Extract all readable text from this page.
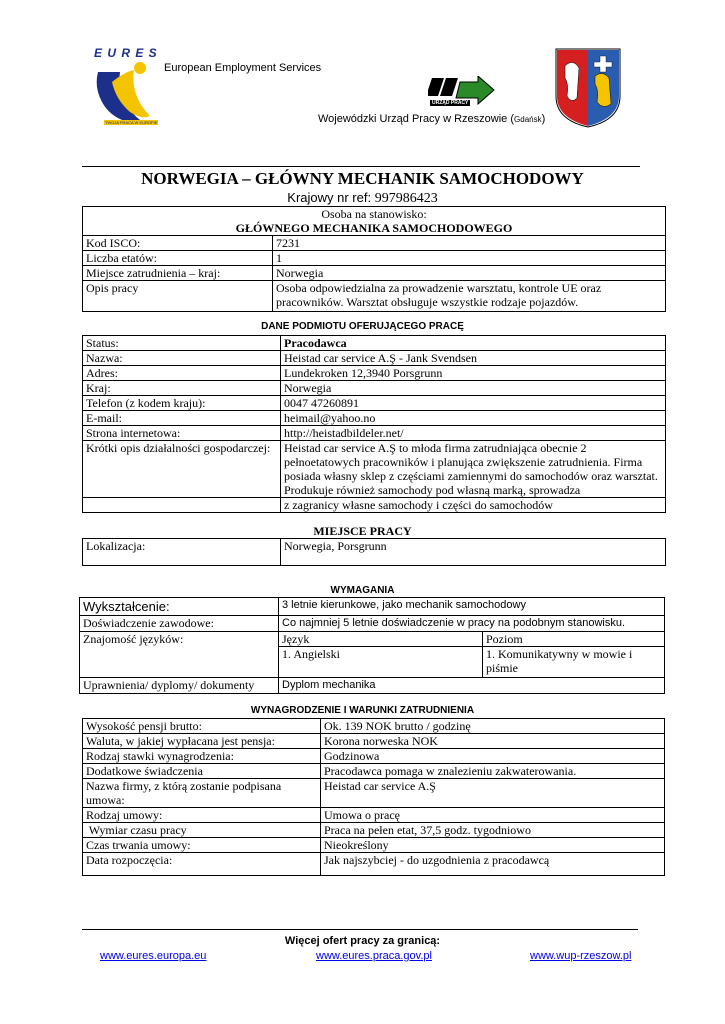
E U R E S
TWOJA PRACA W EUROPIE
European Employment Services
URZĄD PRACY
Wojewódzki Urząd Pracy w Rzeszowie (Gdańsk)
NORWEGIA – GŁÓWNY MECHANIK SAMOCHODOWY
Krajowy nr ref: 997986423
Osoba na stanowisko:
GŁÓWNEGO MECHANIKA SAMOCHODOWEGO	

Kod ISCO:	7231
Liczba etatów:	1
Miejsce zatrudnienia – kraj:	Norwegia
Opis pracy	Osoba odpowiedzialna za prowadzenie warsztatu, kontrole UE oraz pracowników. Warsztat obsługuje wszystkie rodzaje pojazdów.
DANE PODMIOTU OFERUJĄCEGO PRACĘ
Status:	Pracodawca
Nazwa:	Heistad car service A.Ş - Jank Svendsen
Adres:	Lundekroken 12,3940 Porsgrunn
Kraj:	Norwegia
Telefon (z kodem kraju):	0047 47260891
E-mail:	heimail@yahoo.no
Strona internetowa:	http://heistadbildeler.net/
Krótki opis działalności gospodarczej:	Heistad car service A.Ş to młoda firma zatrudniająca obecnie 2 pełnoetatowych pracowników i planująca zwiększenie zatrudnienia. Firma posiada własny sklep z częściami zamiennymi do samochodów oraz warsztat. Produkuje również samochody pod własną marką, sprowadza
	z zagranicy własne samochody i części do samochodów
MIEJSCE PRACY
Lokalizacja:	Norwegia, Porsgrunn
WYMAGANIA
Wykształcenie:	3 letnie kierunkowe, jako mechanik samochodowy	
Doświadczenie zawodowe:	Co najmniej 5 letnie doświadczenie w pracy na podobnym stanowisku.	
Znajomość języków:	Język	Poziom
	1. Angielski	1. Komunikatywny w mowie i piśmie
Uprawnienia/ dyplomy/ dokumenty	Dyplom mechanika	
WYNAGRODZENIE I WARUNKI ZATRUDNIENIA
Wysokość pensji brutto:	Ok. 139 NOK brutto / godzinę
Waluta, w jakiej wypłacana jest pensja:	Korona norweska NOK
Rodzaj stawki wynagrodzenia:	Godzinowa
Dodatkowe świadczenia	Pracodawca pomaga w znalezieniu zakwaterowania.
Nazwa firmy, z którą zostanie podpisana umowa:	Heistad car service A.Ş
Rodzaj umowy:	Umowa o pracę
Wymiar czasu pracy	Praca na pełen etat, 37,5 godz. tygodniowo
Czas trwania umowy:	Nieokreślony
Data rozpoczęcia:	Jak najszybciej - do uzgodnienia z pracodawcą
Więcej ofert pracy za granicą:
www.eures.europa.eu	www.eures.praca.gov.pl	www.wup-rzeszow.pl
